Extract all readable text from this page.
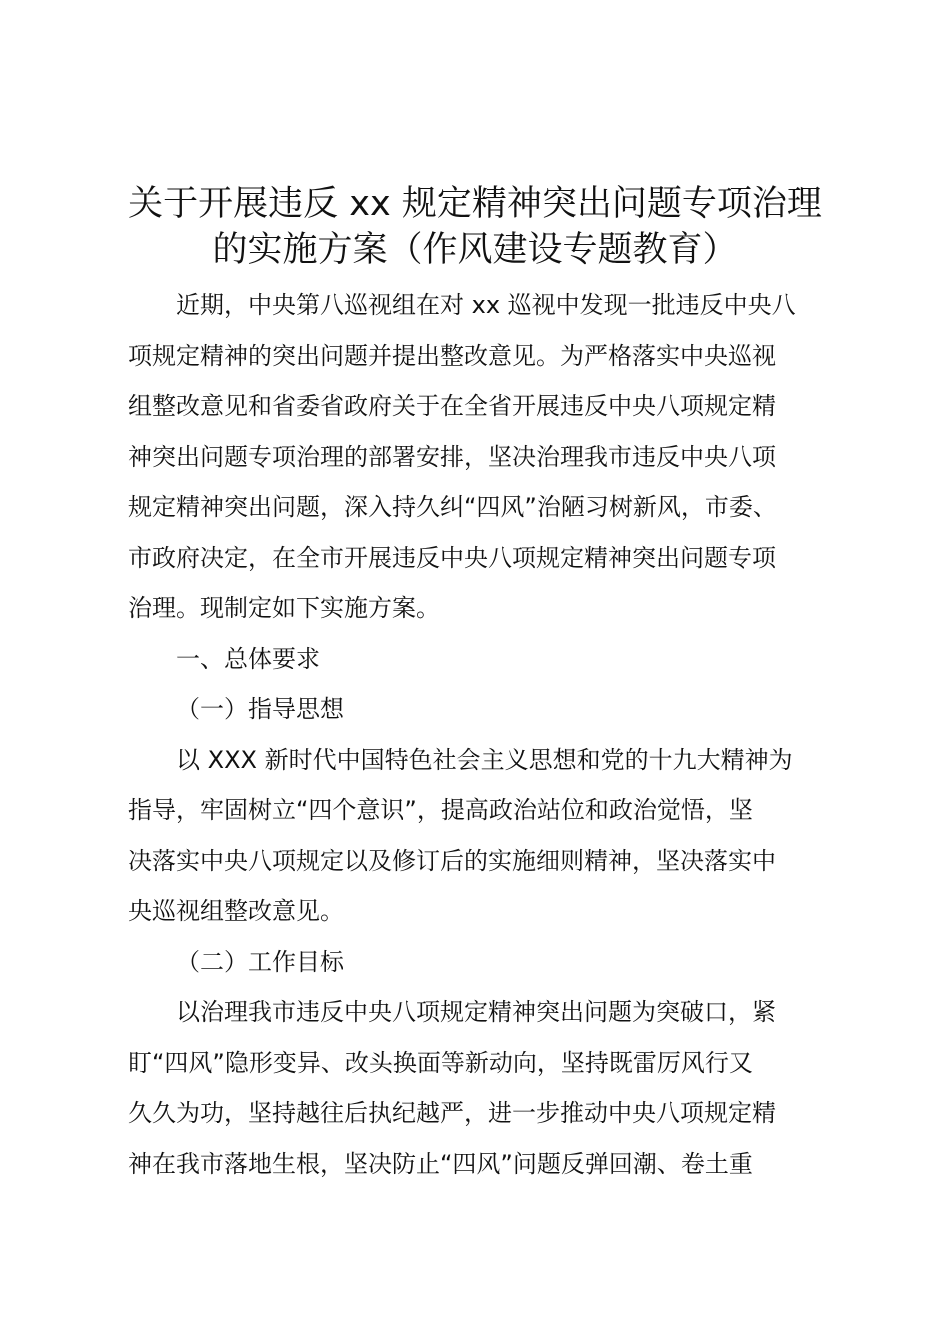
关于开展违反 xx 规定精神突出问题专项治理
的实施方案（作风建设专题教育）
近期，中央第八巡视组在对 xx 巡视中发现一批违反中央八
项规定精神的突出问题并提出整改意见。为严格落实中央巡视
组整改意见和省委省政府关于在全省开展违反中央八项规定精
神突出问题专项治理的部署安排，坚决治理我市违反中央八项
规定精神突出问题，深入持久纠“四风”治陋习树新风，市委、
市政府决定，在全市开展违反中央八项规定精神突出问题专项
治理。现制定如下实施方案。
一、总体要求
（一）指导思想
以 XXX 新时代中国特色社会主义思想和党的十九大精神为
指导，牢固树立“四个意识”，提高政治站位和政治觉悟，坚
决落实中央八项规定以及修订后的实施细则精神，坚决落实中
央巡视组整改意见。
（二）工作目标
以治理我市违反中央八项规定精神突出问题为突破口，紧
盯“四风”隐形变异、改头换面等新动向，坚持既雷厉风行又
久久为功，坚持越往后执纪越严，进一步推动中央八项规定精
神在我市落地生根，坚决防止“四风”问题反弹回潮、卷土重
